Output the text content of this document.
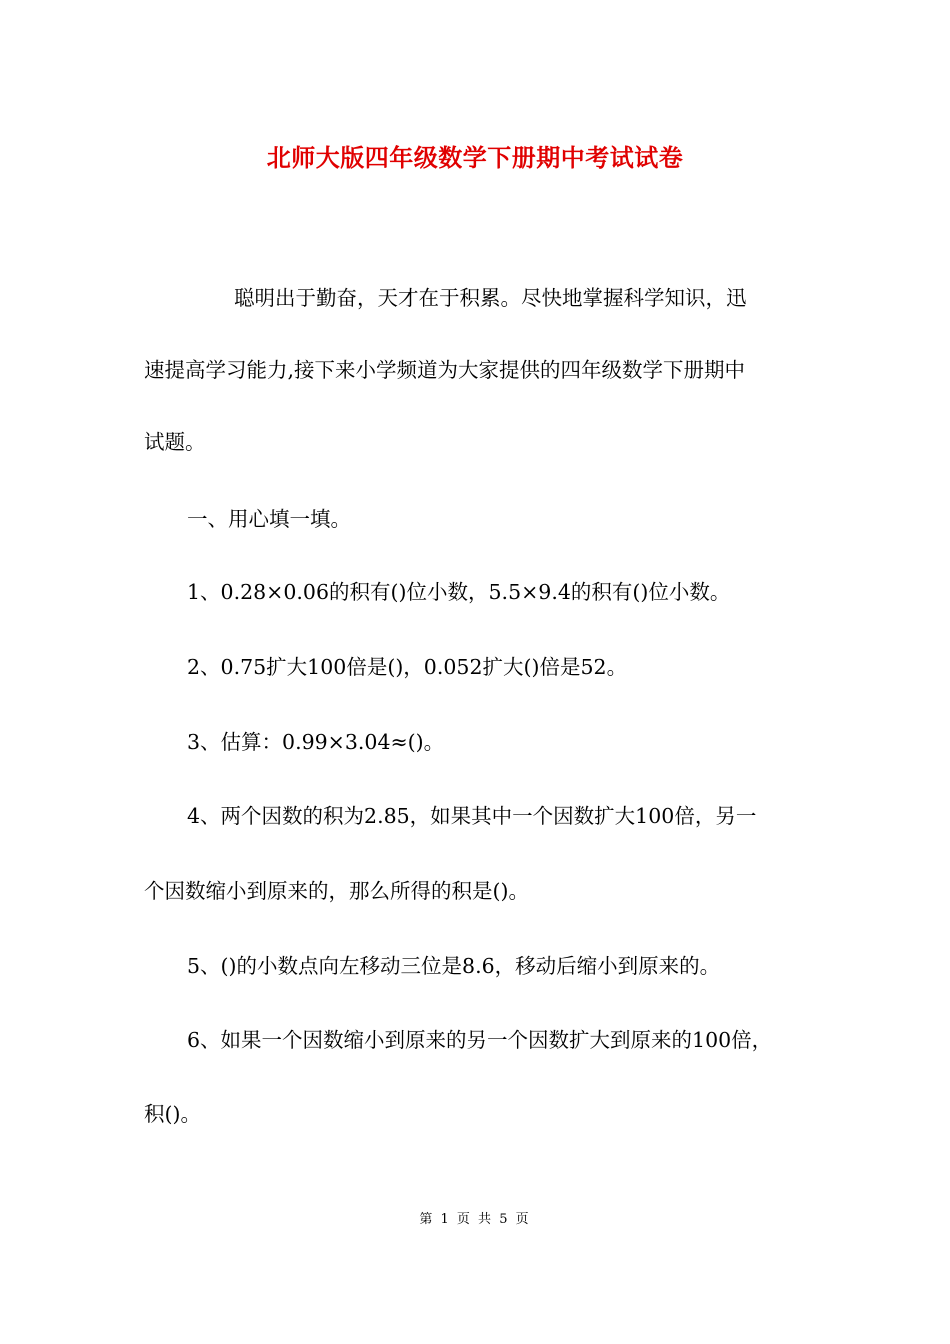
北师大版四年级数学下册期中考试试卷
聪明出于勤奋，天才在于积累。尽快地掌握科学知识，迅
速提高学习能力,接下来小学频道为大家提供的四年级数学下册期中
试题。
一、用心填一填。
1、0.28×0.06的积有()位小数，5.5×9.4的积有()位小数。
2、0.75扩大100倍是()，0.052扩大()倍是52。
3、估算：0.99×3.04≈()。
4、两个因数的积为2.85，如果其中一个因数扩大100倍，另一
个因数缩小到原来的，那么所得的积是()。
5、()的小数点向左移动三位是8.6，移动后缩小到原来的。
6、如果一个因数缩小到原来的另一个因数扩大到原来的100倍，
积()。
第 1 页 共 5 页
